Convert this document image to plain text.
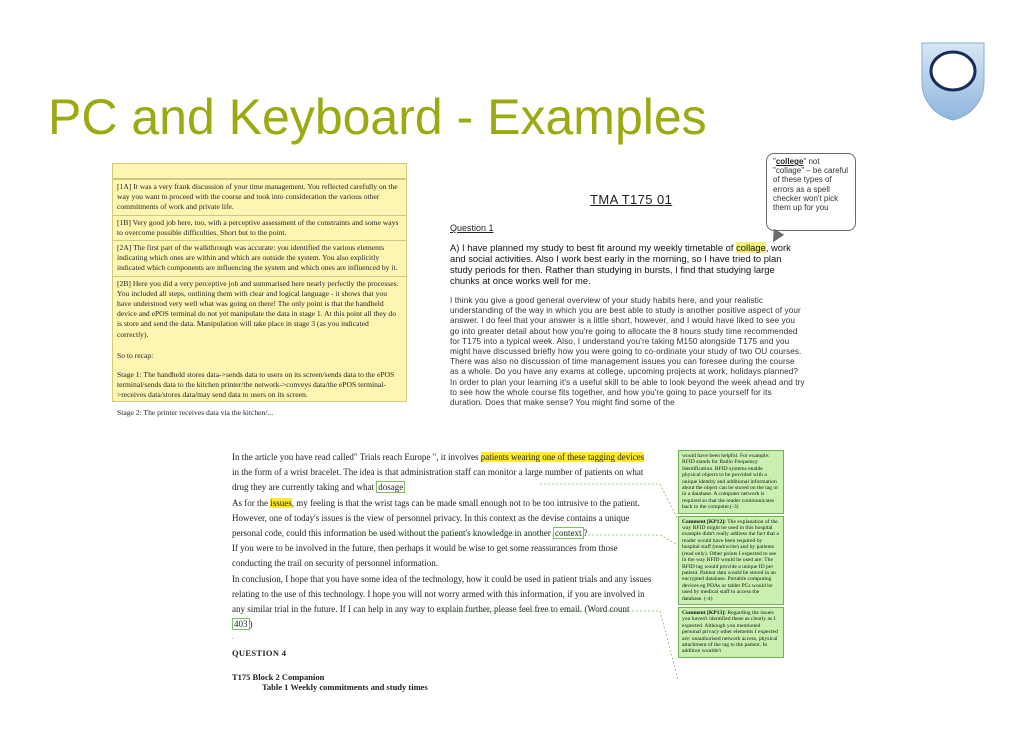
PC and Keyboard - Examples
[1A] It was a very frank discussion of your time management. You reflected carefully on the way you want to proceed with the course and took into consideration the various other commitments of work and private life.
[1B] Very good job here, too, with a perceptive assessment of the constraints and some ways to overcome possible difficulties. Short but to the point.
[2A] The first part of the walkthrough was accurate: you identified the various elements indicating which ones are within and which are outside the system. You also explicitly indicated which components are influencing the system and which ones are influenced by it.
[2B] Here you did a very perceptive job and summarised here nearly perfectly the processes. You included all steps, outlining them with clear and logical language - it shows that you have understood very well what was going on there! The only point is that the handheld device and ePOS terminal do not yet manipulate the data in stage 1. At this point all they do is store and send the data. Manipulation will take place in stage 3 (as you indicated correctly).
So to recap:
Stage 1: The handheld stores data->sends data to users on its screen/sends data to the ePOS terminal/sends data to the kitchen printer/the network->conveys data/the ePOS terminal->receives data/stores data/may send data to users on its screen.
Stage 2: The printer receives data via the kitchen/...
TMA T175 01
Question 1
A) I have planned my study to best fit around my weekly timetable of collage, work and social activities. Also I work best early in the morning, so I have tried to plan study periods for then. Rather than studying in bursts, I find that studying large chunks at once works well for me.
I think you give a good general overview of your study habits here, and your realistic understanding of the way in which you are best able to study is another positive aspect of your answer. I do feel that your answer is a little short, however, and I would have liked to see you go into greater detail about how you're going to allocate the 8 hours study time recommended for T175 into a typical week. Also, I understand you're taking M150 alongside T175 and you might have discussed briefly how you were going to co-ordinate your study of two OU courses. There was also no discussion of time management issues you can foresee during the course as a whole. Do you have any exams at college, upcoming projects at work, holidays planned? In order to plan your learning it's a useful skill to be able to look beyond the week ahead and try to see how the whole course fits together, and how you're going to pace yourself for its duration. Does that make sense? You might find some of the
"college" not "collage" – be careful of these types of errors as a spell checker won't pick them up for you
In the article you have read called" Trials reach Europe ", it involves patients wearing one of these tagging devices in the form of a wrist bracelet. The idea is that administration staff can monitor a large number of patients on what drug they are currently taking and what dosage
As for the issues, my feeling is that the wrist tags can be made small enough not to be too intrusive to the patient. However, one of today's issues is the view of personnel privacy. In this context as the devise contains a unique personal code, could this information be used without the patient's knowledge in another context ?
If you were to be involved in the future, then perhaps it would be wise to get some reassurances from those conducting the trail on security of personnel information.
In conclusion, I hope that you have some idea of the technology, how it could be used in patient trials and any issues relating to the use of this technology. I hope you will not worry armed with this information, if you are involved in any similar trial in the future. If I can help in any way to explain further, please feel free to email. (Word count 403 )
.
QUESTION 4
T175 Block 2 Companion
Table 1 Weekly commitments and study times
would have been helpful. For example: RFID stands for Radio Frequency Identification. RFID systems enable physical objects to be provided with a unique identity and additional information about the object can be stored on the tag or in a database. A computer network is required so that the reader communicates back to the computer.(-3)
Comment [KP12]: The explanation of the way RFID might be used in this hospital example didn't really address the fact that a reader would have been required by hospital staff (read/write) and by patients (read only). Other points I expected to see in the way RFID would be used are: The RFID tag would provide a unique ID per patient. Patient data would be stored in an encrypted database. Portable computing devices eg PDAs or tablet PCs would be used by medical staff to access the database. (-4)
Comment [KP13]: Regarding the issues you haven't identified these as clearly as I expected. Although you mentioned personal privacy other elements I expected are: unauthorised network access, physical attachment of the tag to the patient. In addition wouldn't
